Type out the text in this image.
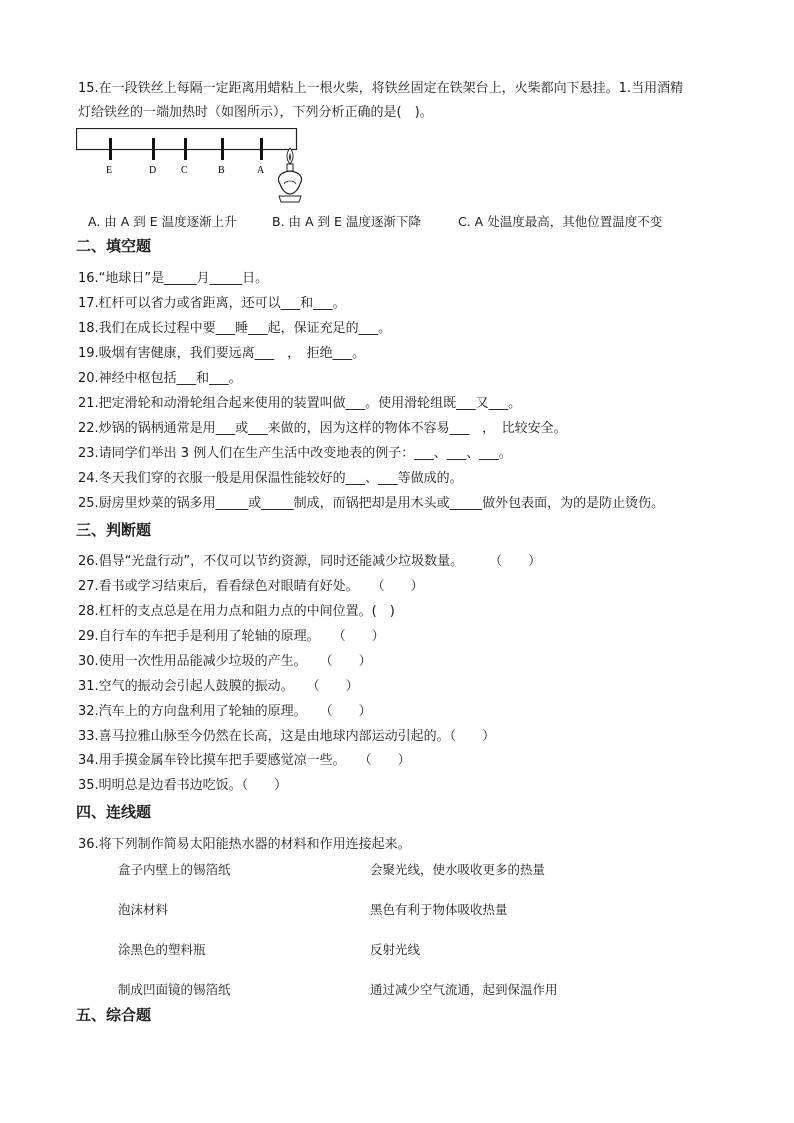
15.在一段铁丝上每隔一定距离用蜡粘上一根火柴，将铁丝固定在铁架台上，火柴都向下悬挂。1.当用酒精
灯给铁丝的一端加热时（如图所示），下列分析正确的是(　)。
E	D C	B	A
A. 由 A 到 E 温度逐渐上升	B. 由 A 到 E 温度逐渐下降	C. A 处温度最高，其他位置温度不变
二、填空题
16.“地球日”是_____月_____日。
17.杠杆可以省力或省距离，还可以___和___。
18.我们在成长过程中要___睡___起，保证充足的___。
19.吸烟有害健康，我们要远离___　，　拒绝___。
20.神经中枢包括___和___。
21.把定滑轮和动滑轮组合起来使用的装置叫做___。使用滑轮组既___又___。
22.炒锅的锅柄通常是用___或___来做的，因为这样的物体不容易___　，　比较安全。
23.请同学们举出 3 例人们在生产生活中改变地表的例子：___、___、___。
24.冬天我们穿的衣服一般是用保温性能较好的___、___等做成的。
25.厨房里炒菜的锅多用_____或_____制成，而锅把却是用木头或_____做外包表面，为的是防止烫伤。
三、判断题
26.倡导“光盘行动”，不仅可以节约资源，同时还能减少垃圾数量。　　　（　　）
27.看书或学习结束后，看看绿色对眼睛有好处。　　（　　）
28.杠杆的支点总是在用力点和阻力点的中间位置。(　)
29.自行车的车把手是利用了轮轴的原理。　　（　　）
30.使用一次性用品能减少垃圾的产生。　　（　　）
31.空气的振动会引起人鼓膜的振动。　　（　　）
32.汽车上的方向盘利用了轮轴的原理。　　（　　）
33.喜马拉雅山脉至今仍然在长高，这是由地球内部运动引起的。（　　）
34.用手摸金属车铃比摸车把手要感觉凉一些。　　（　　）
35.明明总是边看书边吃饭。（　　）
四、连线题
36.将下列制作简易太阳能热水器的材料和作用连接起来。
盒子内壁上的锡箔纸	会聚光线，使水吸收更多的热量
泡沫材料	黑色有利于物体吸收热量
涂黑色的塑料瓶	反射光线
制成凹面镜的锡箔纸	通过减少空气流通，起到保温作用
五、综合题
